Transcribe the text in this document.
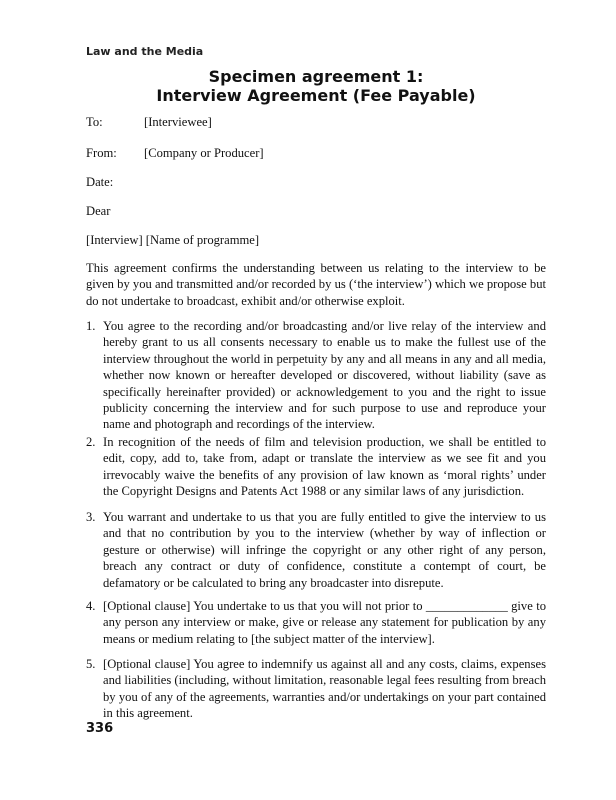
Law and the Media
Specimen agreement 1:
Interview Agreement (Fee Payable)
To:	[Interviewee]
From: [Company or Producer]
Date:
Dear
[Interview] [Name of programme]
This agreement confirms the understanding between us relating to the interview to be given by you and transmitted and/or recorded by us (‘the interview’) which we propose but do not undertake to broadcast, exhibit and/or otherwise exploit.
1. You agree to the recording and/or broadcasting and/or live relay of the interview and hereby grant to us all consents necessary to enable us to make the fullest use of the interview throughout the world in perpetuity by any and all means in any and all media, whether now known or hereafter developed or discovered, without liability (save as specifically hereinafter provided) or acknowledgement to you and the right to issue publicity concerning the interview and for such purpose to use and reproduce your name and photograph and recordings of the interview.
2. In recognition of the needs of film and television production, we shall be entitled to edit, copy, add to, take from, adapt or translate the interview as we see fit and you irrevocably waive the benefits of any provision of law known as ‘moral rights’ under the Copyright Designs and Patents Act 1988 or any similar laws of any jurisdiction.
3. You warrant and undertake to us that you are fully entitled to give the interview to us and that no contribution by you to the interview (whether by way of inflection or gesture or otherwise) will infringe the copyright or any other right of any person, breach any contract or duty of confidence, constitute a contempt of court, be defamatory or be calculated to bring any broadcaster into disrepute.
4. [Optional clause] You undertake to us that you will not prior to _____________ give to any person any interview or make, give or release any statement for publication by any means or medium relating to [the subject matter of the interview].
5. [Optional clause] You agree to indemnify us against all and any costs, claims, expenses and liabilities (including, without limitation, reasonable legal fees resulting from breach by you of any of the agreements, warranties and/or undertakings on your part contained in this agreement.
336
